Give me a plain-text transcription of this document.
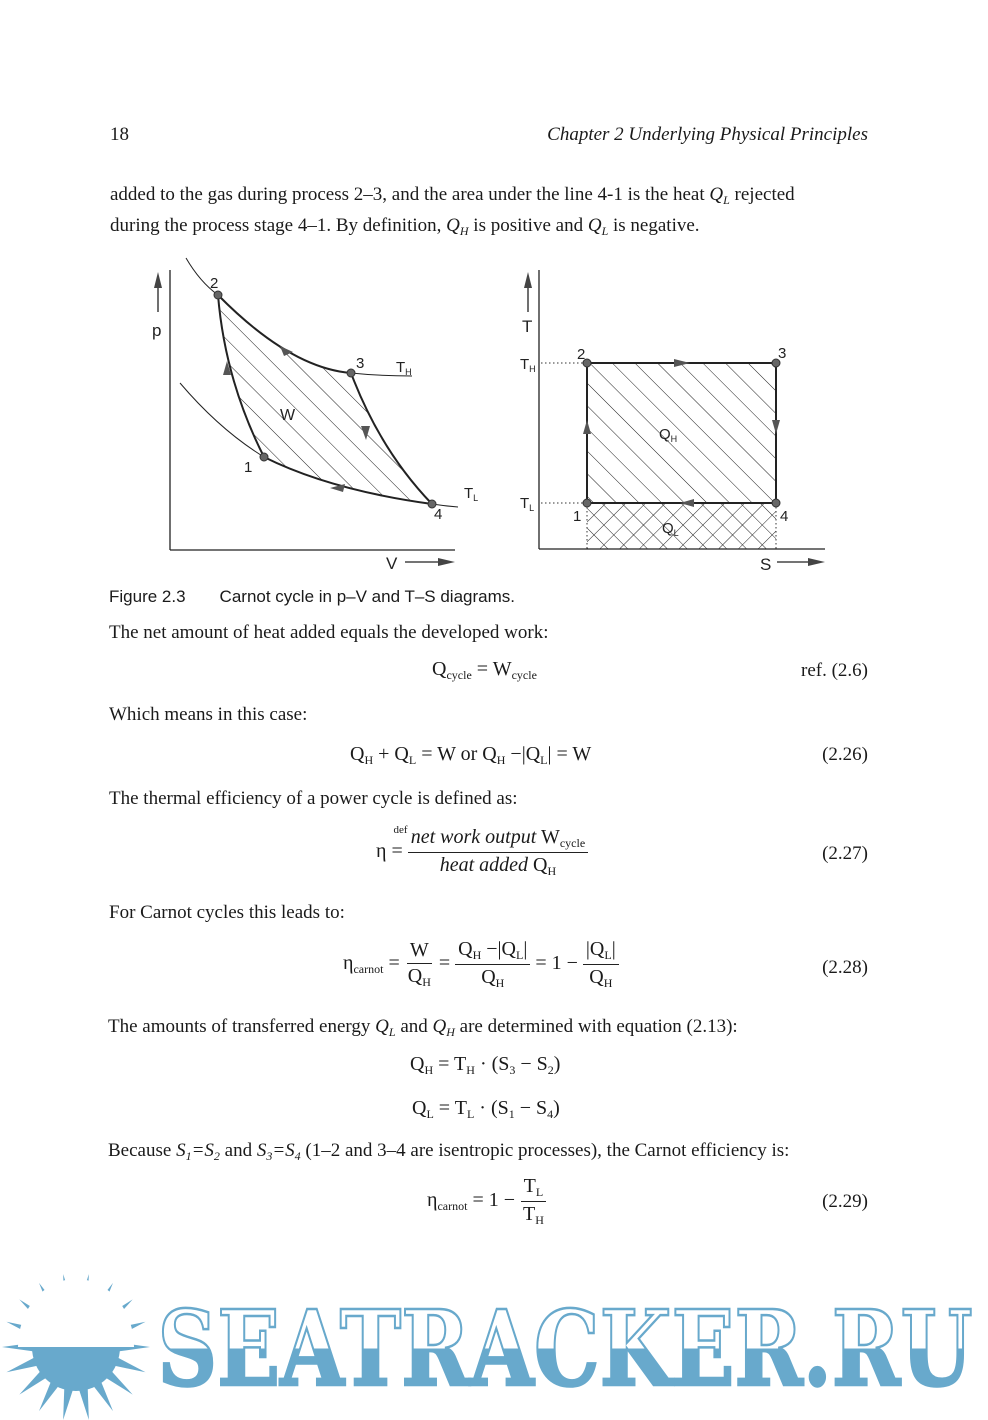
18	Chapter 2 Underlying Physical Principles
added to the gas during process 2–3, and the area under the line 4-1 is the heat $Q_L$ rejected
during the process stage 4–1. By definition, $Q_H$ is positive and $Q_L$ is negative.
p
V
2
3
1
4
W
$T_H$
$T_L$
T
S
2	3
1	4
$T_H$
$T_L$
$Q_H$
$Q_L$
Figure 2.3 Carnot cycle in p–V and T–S diagrams.
The net amount of heat added equals the developed work:
$Q_{cycle} = W_{cycle}$	ref. (2.6)
Which means in this case:
$Q_H + Q_L = W$ or $Q_H -|Q_L| = W$	(2.26)
The thermal efficiency of a power cycle is defined as:
η
def
= $\frac{net work output W_{cycle}}{heat added Q_H}$	(2.27)
For Carnot cycles this leads to:
$\eta_{carnot} = \frac{W}{Q_H} = \frac{Q_H -|Q_L|}{Q_H} = 1 - \frac{|Q_L|}{Q_H}$	(2.28)
The amounts of transferred energy $Q_L$ and $Q_H$ are determined with equation (2.13):
$Q_H = T_H \cdot (S_3 - S_2)$
$Q_L = T_L \cdot (S_1 - S_4)$
Because $S_1=S_2$ and $S_3=S_4$ (1–2 and 3–4 are isentropic processes), the Carnot efficiency is:
$\eta_{carnot} = 1 - \frac{T_L}{T_H}$	(2.29)
SEATRACKER.RU
